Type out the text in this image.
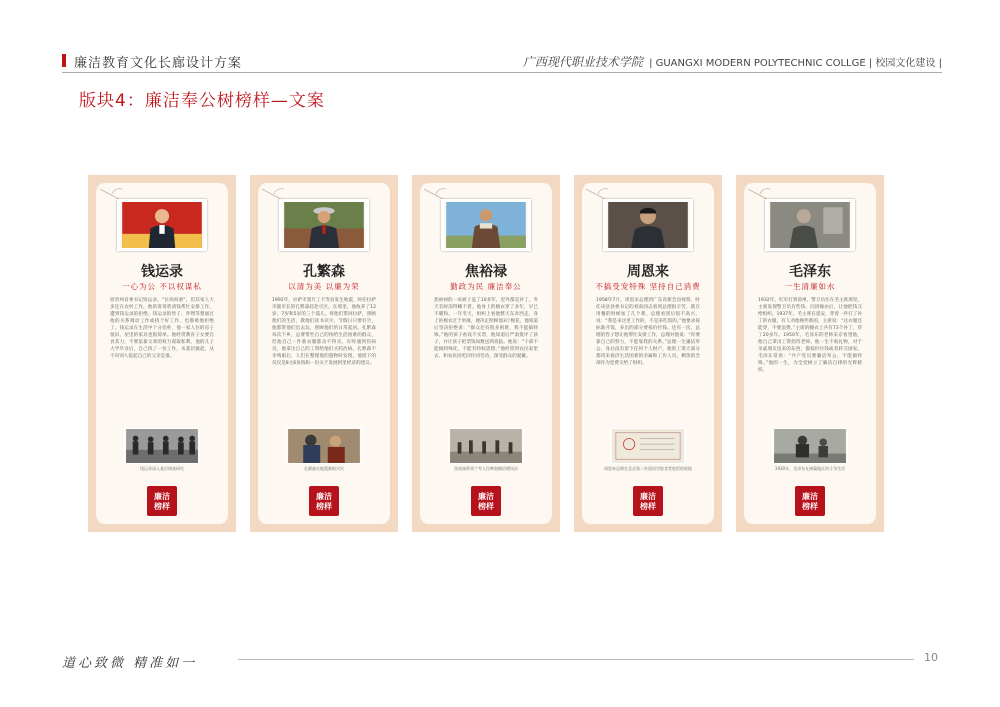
廉洁教育文化长廊设计方案	广西现代职业技术学院 | GUANGXI MODERN POLYTECHNIC COLLGE | 校园文化建设 |
版块4：廉洁奉公树榜样—文案
钱运录
一心为公 不以权谋私
原贵州省委书记钱运录，“位高权重”，但其家人大多还在农村工作，他的哥哥曾请钱帮忙安排工作，遭到钱运录的拒绝。钱运录的侄子、外甥等想通过他的关系调动工作或找个好工作，也都被他拒绝了。钱运录在生活中十分俭朴，他一家人住的房子很旧，屋里的家具也很简单。他经常教育子女要自食其力，不要依靠父辈的权力谋取私利。他的儿子大学毕业后，自己找了一份工作，从基层做起，从不向别人提起自己的父亲是谁。
钱运录深入基层调查研究
廉洁
榜样
孔繁森
以清为美 以廉为荣
1992年，拉萨市墨竹工卡等县发生地震，时任拉萨市副市长的孔繁森赶赴灾区。在那里，他收养了12岁、7岁和5岁的三个孤儿。将他们带回拉萨，照顾他们的生活，教他们读书识字。节假日只要有空，他都带他们出去玩，照顾他们的日常起居。孔繁森每次下乡，总要带些自己的钱给生活困难的群众，但他自己一件新衣服都舍不得买。有时遇到伤病员，他拿出自己的工资给他们买药治病。孔繁森不幸殉职后，人们在整理他的遗物时发现，他留下的仅仅是8元6角钱和一份关于发展阿里经济的建议。
孔繁森在地震救助灾民
廉洁
榜样
焦裕禄
勤政为民 廉洁奉公
焦裕禄的一床被子盖了10多年，里外都是补丁，冬天有时冻得睡不着。他身上的棉衣穿了多年，早已不暖和。一年冬天，组织上看他整天东奔西走，身上的棉衣过于单薄，便决定照顾他3斤棉花，他知道后坚决拒绝说：“群众还有很多困难，我不能搞特殊。”他的孩子看戏不买票，他知道后严肃批评了孩子，并让孩子把票钱如数送到戏院。他说：“干部不能搞特殊化，不能有特权思想。”他经常到农民家里去，和农民同吃同住同劳动，深受群众的爱戴。
焦裕禄带领兰考人民种泡桐治理风沙
廉洁
榜样
周恩来
不搞受宠特殊 坚持自己消费
1958年7月，周恩来总理到广东省新会县视察，时任该县县委书记的刘南同志看到总理很辛苦，就在用餐的时候加了几个菜，总理看到后很不高兴，说：“我是来这里工作的，不是来吃饭的。”他要求按标准开饭，多出的部分要按价付钱。还有一次，总理的侄子想让他帮忙安排工作，总理对他说：“你要靠自己的努力，不能靠我的关系。”总理一生廉洁奉公，身后没有留下任何个人财产，他的工资大部分都用来接济生活困难的亲属和工作人员，剩余的全部作为党费交给了组织。
周恩来总理在北京第二外国语学院食堂吃饭的收据
廉洁
榜样
毛泽东
一生清廉如水
1932年，红军打到漳州，警卫员住在毛主席那里。主席发现警卫员有些钱，问清缘由后，让他把钱交给组织。1937年，毛主席在延安，穿着一件打了补丁的衣服，有人劝他换件新的，主席说：“这衣服还能穿，不要浪费。”主席的睡衣上共有73个补丁，穿了20多年。1950年，毛泽东的老师来京看望他，他自己拿出工资招待老师。他一生不收礼物，对于亲戚朋友送来的东西，都按价付钱或者转交国家。毛泽东常说：“共产党员要廉洁奉公，不能搞特殊。”他的一生，为全党树立了廉洁自律的光辉榜样。
1930年，毛泽东在闽赣地区的斗争生活
廉洁
榜样
道心致微 精准如一	10
